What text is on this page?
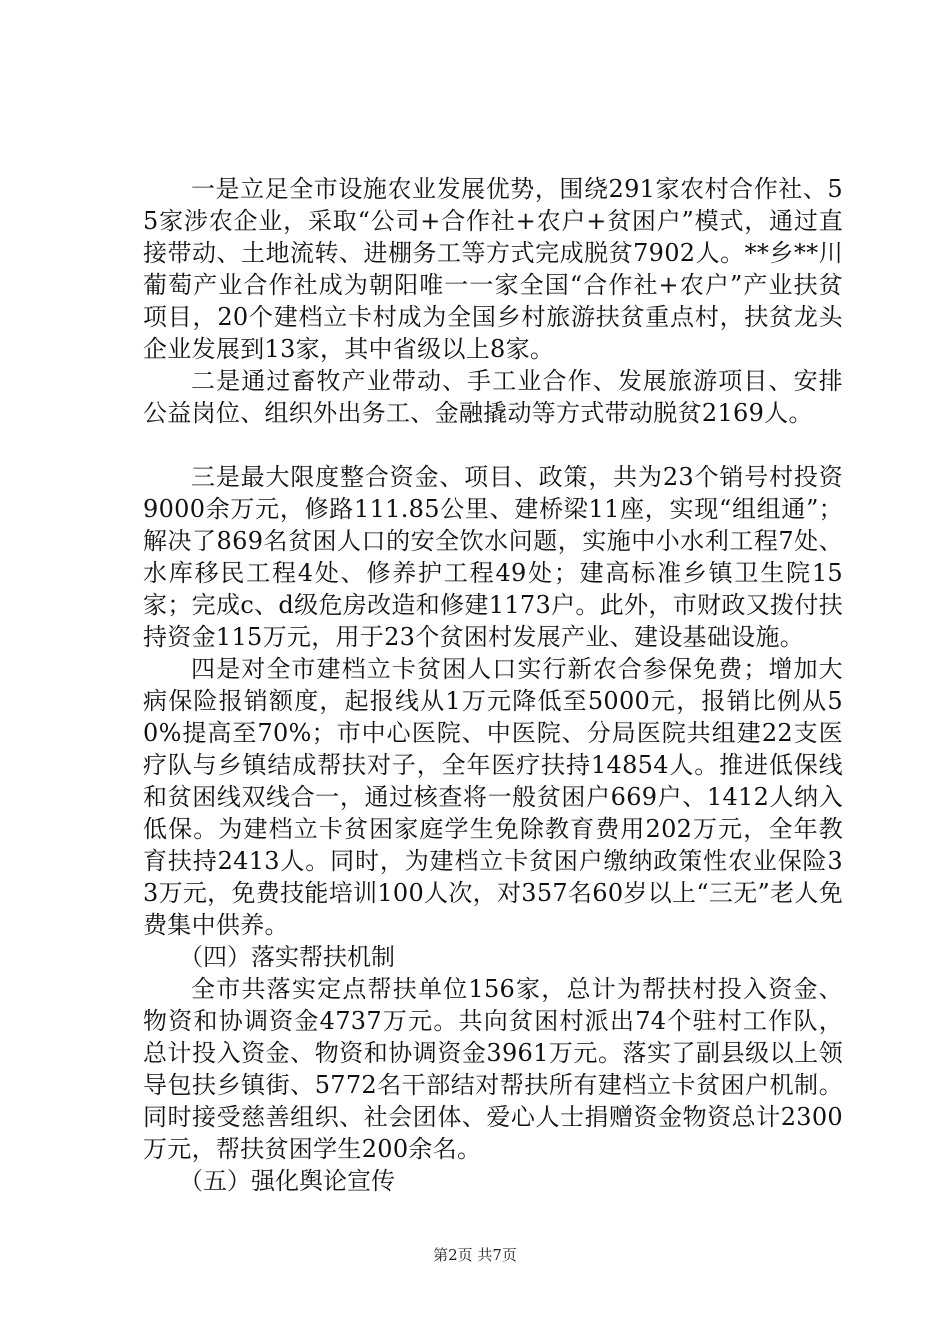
一是立足全市设施农业发展优势，围绕291家农村合作社、55家涉农企业，采取“公司+合作社+农户+贫困户”模式，通过直接带动、土地流转、进棚务工等方式完成脱贫7902人。**乡**川葡萄产业合作社成为朝阳唯一一家全国“合作社+农户”产业扶贫项目，20个建档立卡村成为全国乡村旅游扶贫重点村，扶贫龙头企业发展到13家，其中省级以上8家。

二是通过畜牧产业带动、手工业合作、发展旅游项目、安排公益岗位、组织外出务工、金融撬动等方式带动脱贫2169人。

三是最大限度整合资金、项目、政策，共为23个销号村投资9000余万元，修路111.85公里、建桥梁11座，实现“组组通”；解决了869名贫困人口的安全饮水问题，实施中小水利工程7处、水库移民工程4处、修养护工程49处；建高标准乡镇卫生院15家；完成c、d级危房改造和修建1173户。此外，市财政又拨付扶持资金115万元，用于23个贫困村发展产业、建设基础设施。

四是对全市建档立卡贫困人口实行新农合参保免费；增加大病保险报销额度，起报线从1万元降低至5000元，报销比例从50%提高至70%；市中心医院、中医院、分局医院共组建22支医疗队与乡镇结成帮扶对子，全年医疗扶持14854人。推进低保线和贫困线双线合一，通过核查将一般贫困户669户、1412人纳入低保。为建档立卡贫困家庭学生免除教育费用202万元，全年教育扶持2413人。同时，为建档立卡贫困户缴纳政策性农业保险33万元，免费技能培训100人次，对357名60岁以上“三无”老人免费集中供养。

（四）落实帮扶机制

全市共落实定点帮扶单位156家，总计为帮扶村投入资金、物资和协调资金4737万元。共向贫困村派出74个驻村工作队，总计投入资金、物资和协调资金3961万元。落实了副县级以上领导包扶乡镇街、5772名干部结对帮扶所有建档立卡贫困户机制。同时接受慈善组织、社会团体、爱心人士捐赠资金物资总计2300万元，帮扶贫困学生200余名。

（五）强化舆论宣传

第2页 共7页
